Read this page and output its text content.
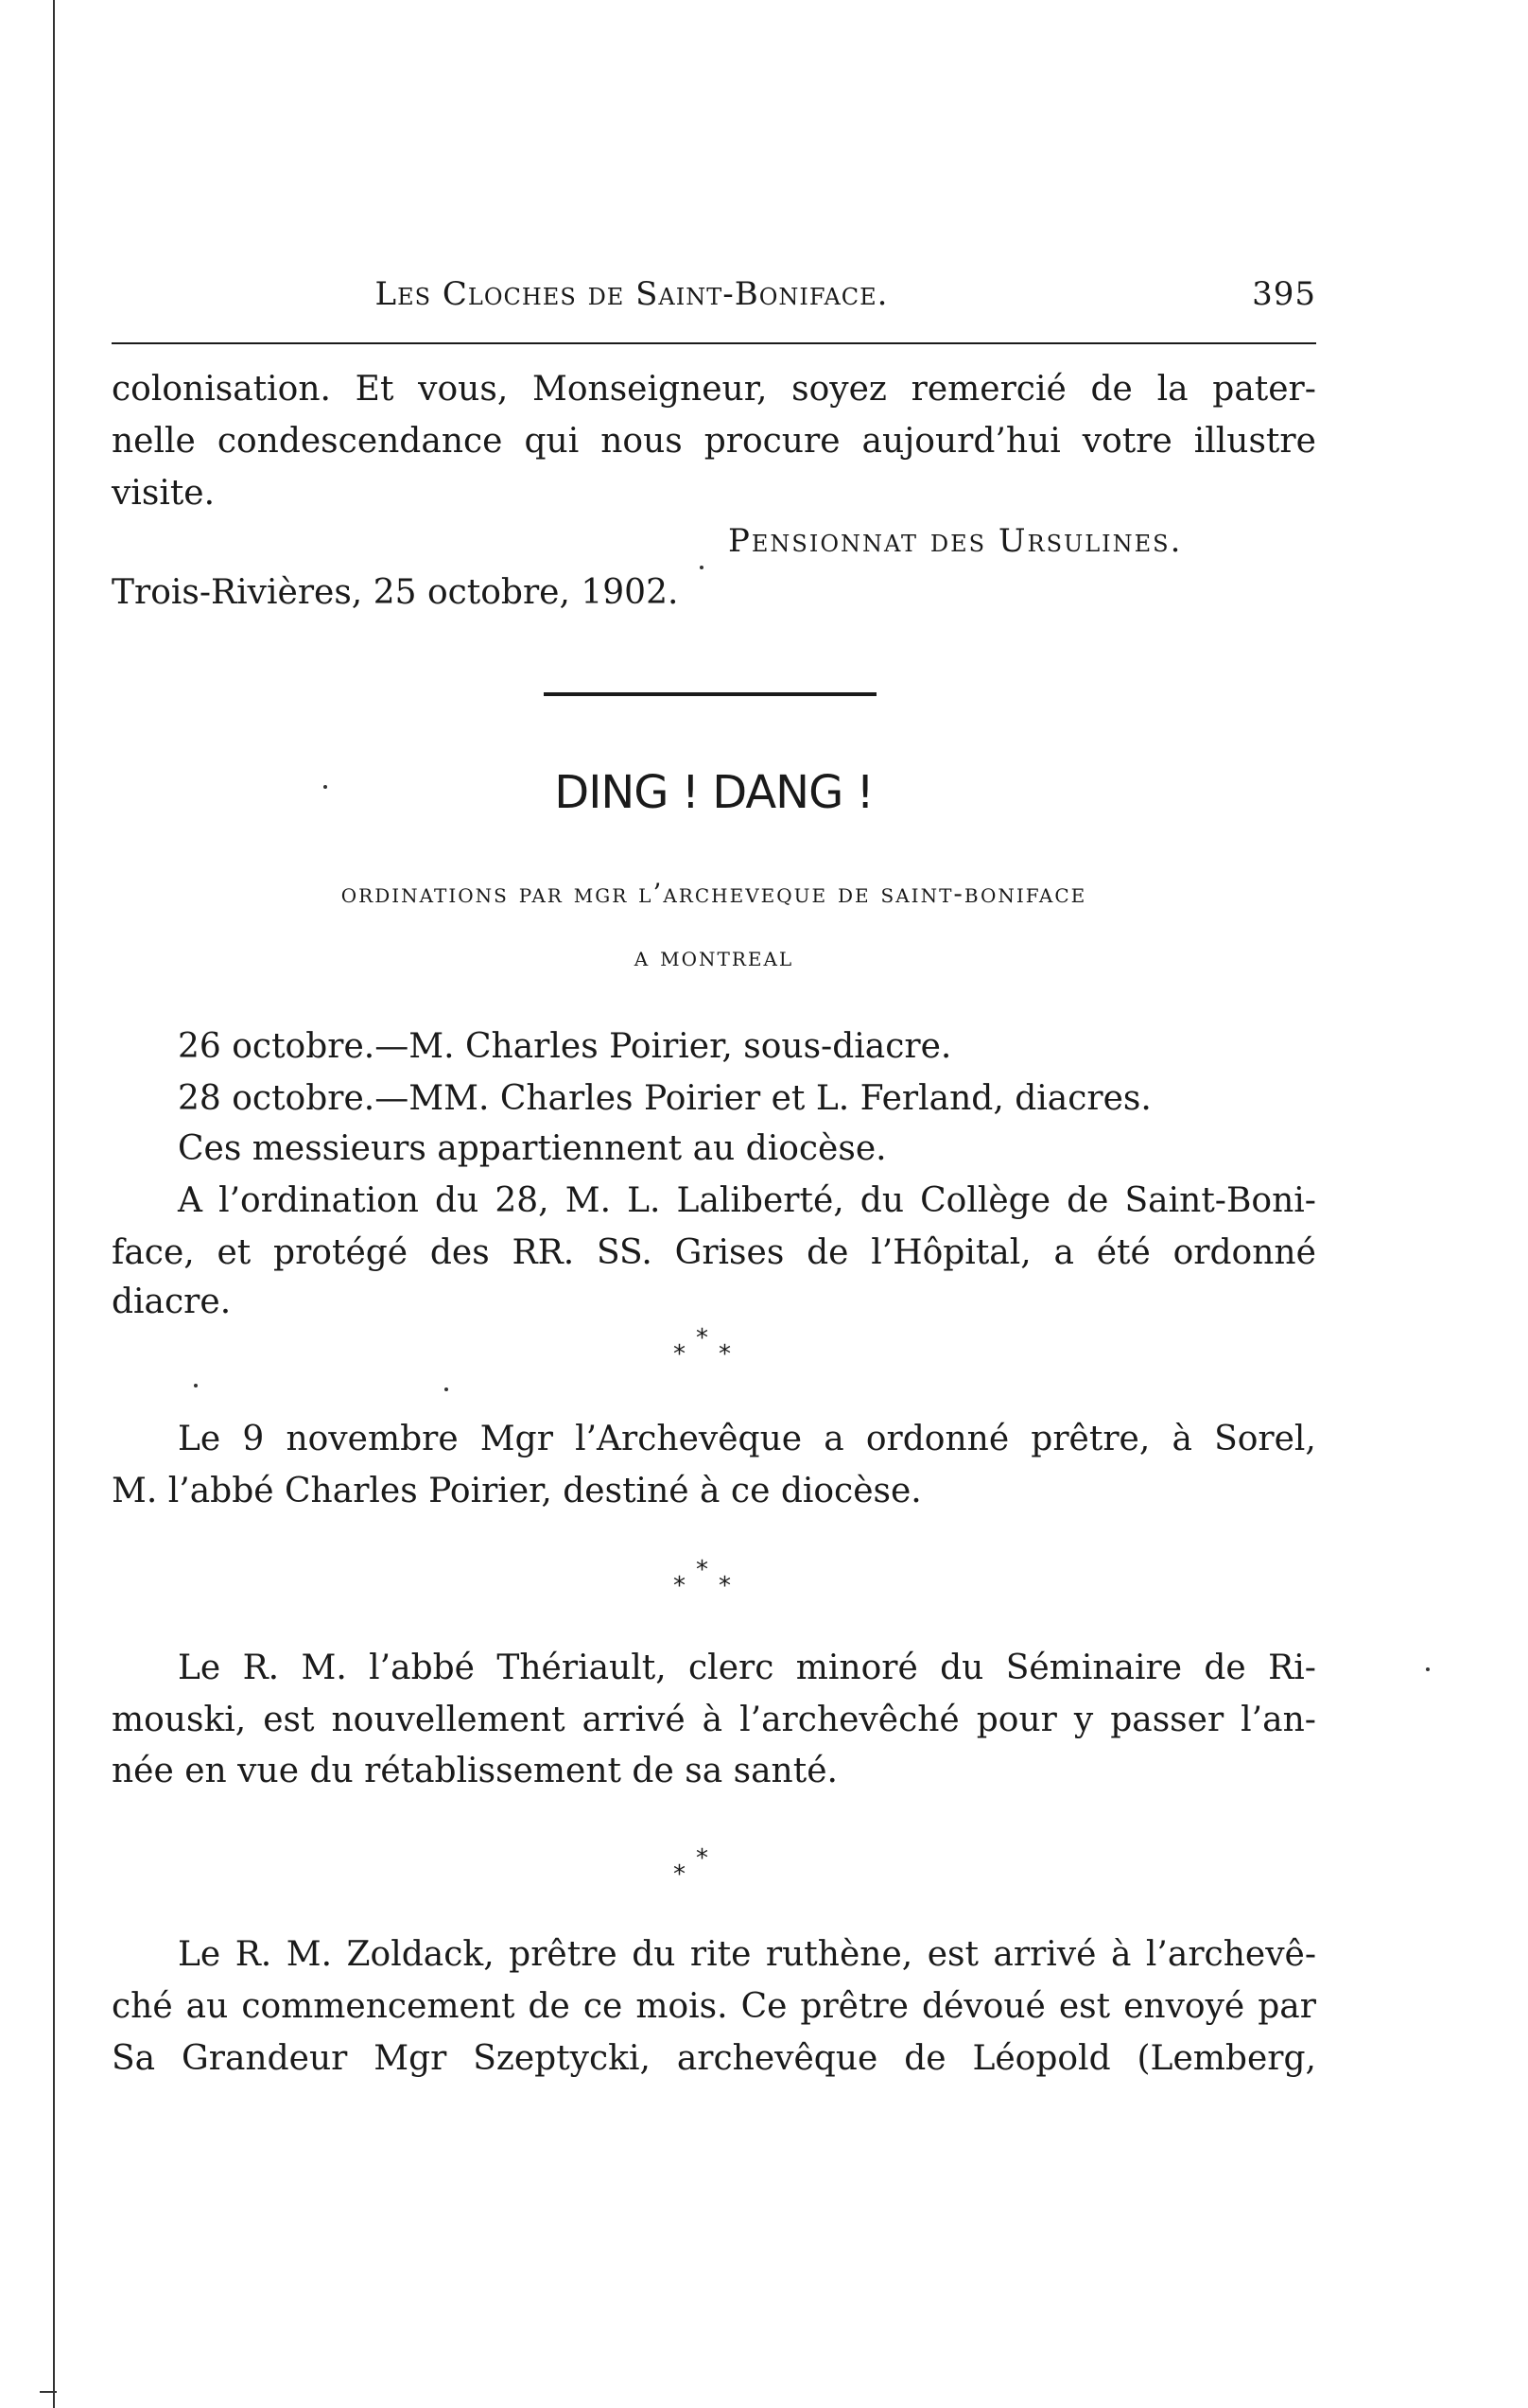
Les Cloches de Saint-Boniface.	395
colonisation. Et vous, Monseigneur, soyez remercié de la pater-
nelle condescendance qui nous procure aujourd’hui votre illustre
visite.
Pensionnat des Ursulines.
Trois-Rivières, 25 octobre, 1902.
DING ! DANG !
ordinations par mgr l’archeveque de saint-boniface
a montreal
26 octobre.—M. Charles Poirier, sous-diacre.
28 octobre.—MM. Charles Poirier et L. Ferland, diacres.
Ces messieurs appartiennent au diocèse.
A l’ordination du 28, M. L. Laliberté, du Collège de Saint-Boni-
face, et protégé des RR. SS. Grises de l’Hôpital, a été ordonné
diacre.
*
*
*
Le 9 novembre Mgr l’Archevêque a ordonné prêtre, à Sorel,
M. l’abbé Charles Poirier, destiné à ce diocèse.
*
*
*
Le R. M. l’abbé Thériault, clerc minoré du Séminaire de Ri-
mouski, est nouvellement arrivé à l’archevêché pour y passer l’an-
née en vue du rétablissement de sa santé.
*
*
Le R. M. Zoldack, prêtre du rite ruthène, est arrivé à l’archevê-
ché au commencement de ce mois. Ce prêtre dévoué est envoyé par
Sa Grandeur Mgr Szeptycki, archevêque de Léopold (Lemberg,
